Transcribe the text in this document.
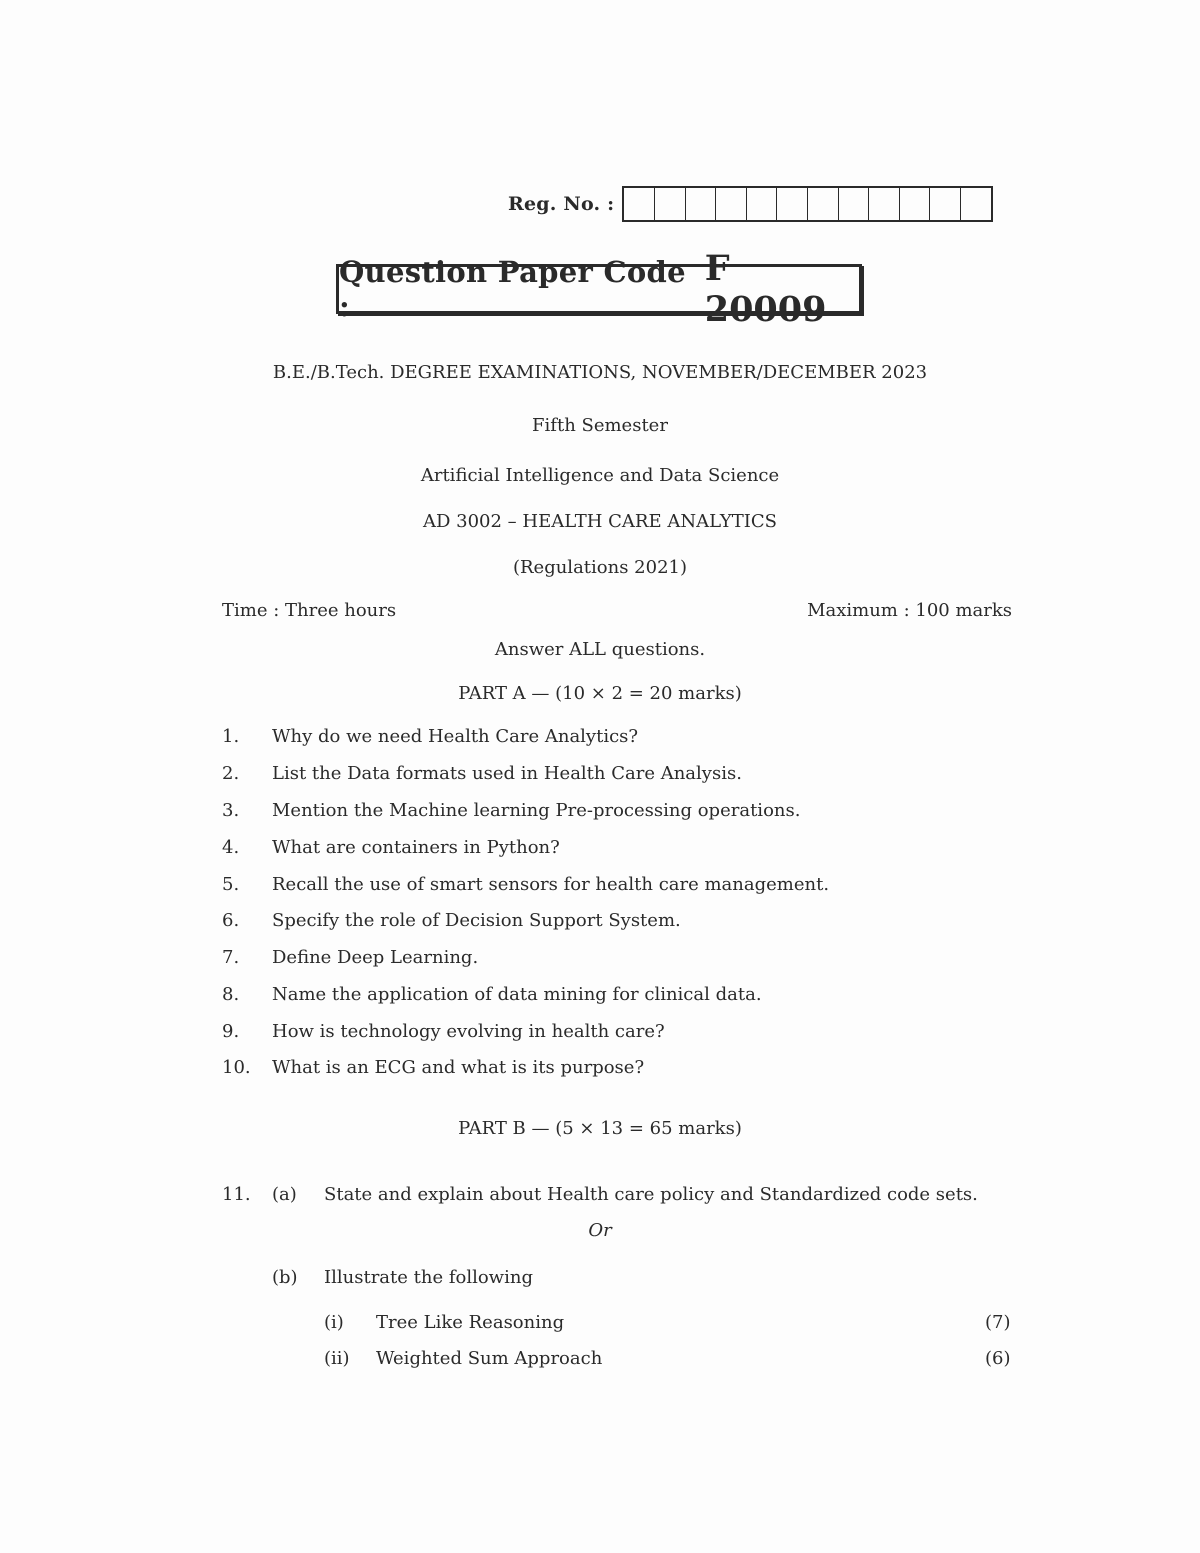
Reg. No. :
Question Paper Code :
F 20009
B.E./B.Tech. DEGREE EXAMINATIONS, NOVEMBER/DECEMBER 2023
Fifth Semester
Artificial Intelligence and Data Science
AD 3002 – HEALTH CARE ANALYTICS
(Regulations 2021)
Time : Three hours	Maximum : 100 marks
Answer ALL questions.
PART A — (10 × 2 = 20 marks)
1.	Why do we need Health Care Analytics?
2.	List the Data formats used in Health Care Analysis.
3.	Mention the Machine learning Pre-processing operations.
4.	What are containers in Python?
5.	Recall the use of smart sensors for health care management.
6.	Specify the role of Decision Support System.
7.	Define Deep Learning.
8.	Name the application of data mining for clinical data.
9.	How is technology evolving in health care?
10.	What is an ECG and what is its purpose?
PART B — (5 × 13 = 65 marks)
11.	(a)	State and explain about Health care policy and Standardized code sets.
Or
(b)	Illustrate the following
(i)	Tree Like Reasoning	(7)
(ii)	Weighted Sum Approach	(6)
